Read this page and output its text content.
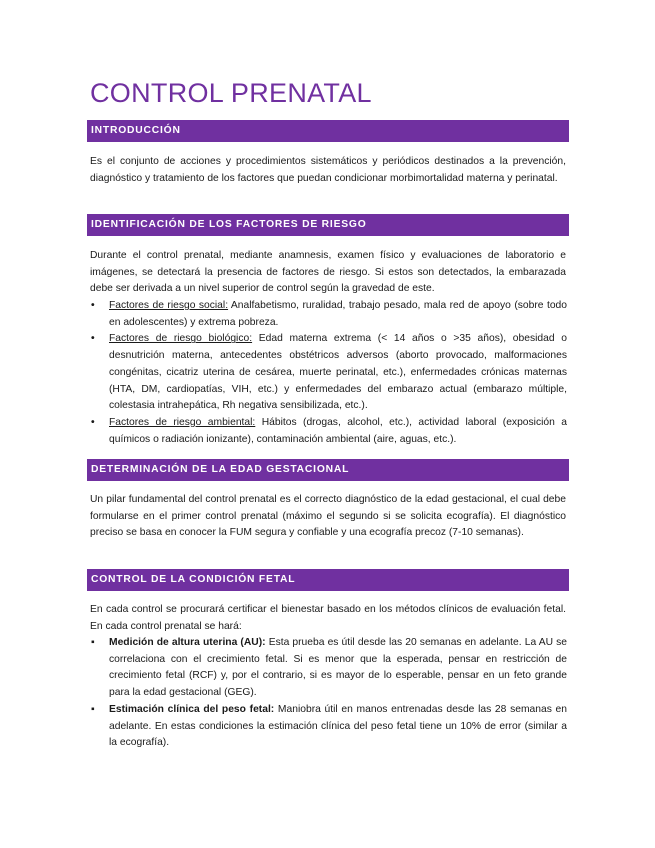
CONTROL PRENATAL
INTRODUCCIÓN

Es el conjunto de acciones y procedimientos sistemáticos y periódicos destinados a la prevención, diagnóstico y tratamiento de los factores que puedan condicionar morbimortalidad materna y perinatal.

IDENTIFICACIÓN DE LOS FACTORES DE RIESGO

Durante el control prenatal, mediante anamnesis, examen físico y evaluaciones de laboratorio e imágenes, se detectará la presencia de factores de riesgo. Si estos son detectados, la embarazada debe ser derivada a un nivel superior de control según la gravedad de este.

•	Factores de riesgo social: Analfabetismo, ruralidad, trabajo pesado, mala red de apoyo (sobre todo en adolescentes) y extrema pobreza.
•	Factores de riesgo biológico: Edad materna extrema (< 14 años o >35 años), obesidad o desnutrición materna, antecedentes obstétricos adversos (aborto provocado, malformaciones congénitas, cicatriz uterina de cesárea, muerte perinatal, etc.), enfermedades crónicas maternas (HTA, DM, cardiopatías, VIH, etc.) y enfermedades del embarazo actual (embarazo múltiple, colestasia intrahepática, Rh negativa sensibilizada, etc.).
•	Factores de riesgo ambiental: Hábitos (drogas, alcohol, etc.), actividad laboral (exposición a químicos o radiación ionizante), contaminación ambiental (aire, aguas, etc.).
DETERMINACIÓN DE LA EDAD GESTACIONAL

Un pilar fundamental del control prenatal es el correcto diagnóstico de la edad gestacional, el cual debe formularse en el primer control prenatal (máximo el segundo si se solicita ecografía). El diagnóstico preciso se basa en conocer la FUM segura y confiable y una ecografía precoz (7-10 semanas).

CONTROL DE LA CONDICIÓN FETAL

En cada control se procurará certificar el bienestar basado en los métodos clínicos de evaluación fetal. En cada control prenatal se hará:

▪	Medición de altura uterina (AU): Esta prueba es útil desde las 20 semanas en adelante. La AU se correlaciona con el crecimiento fetal. Si es menor que la esperada, pensar en restricción de crecimiento fetal (RCF) y, por el contrario, si es mayor de lo esperable, pensar en un feto grande para la edad gestacional (GEG).
▪	Estimación clínica del peso fetal: Maniobra útil en manos entrenadas desde las 28 semanas en adelante. En estas condiciones la estimación clínica del peso fetal tiene un 10% de error (similar a la ecografía).
